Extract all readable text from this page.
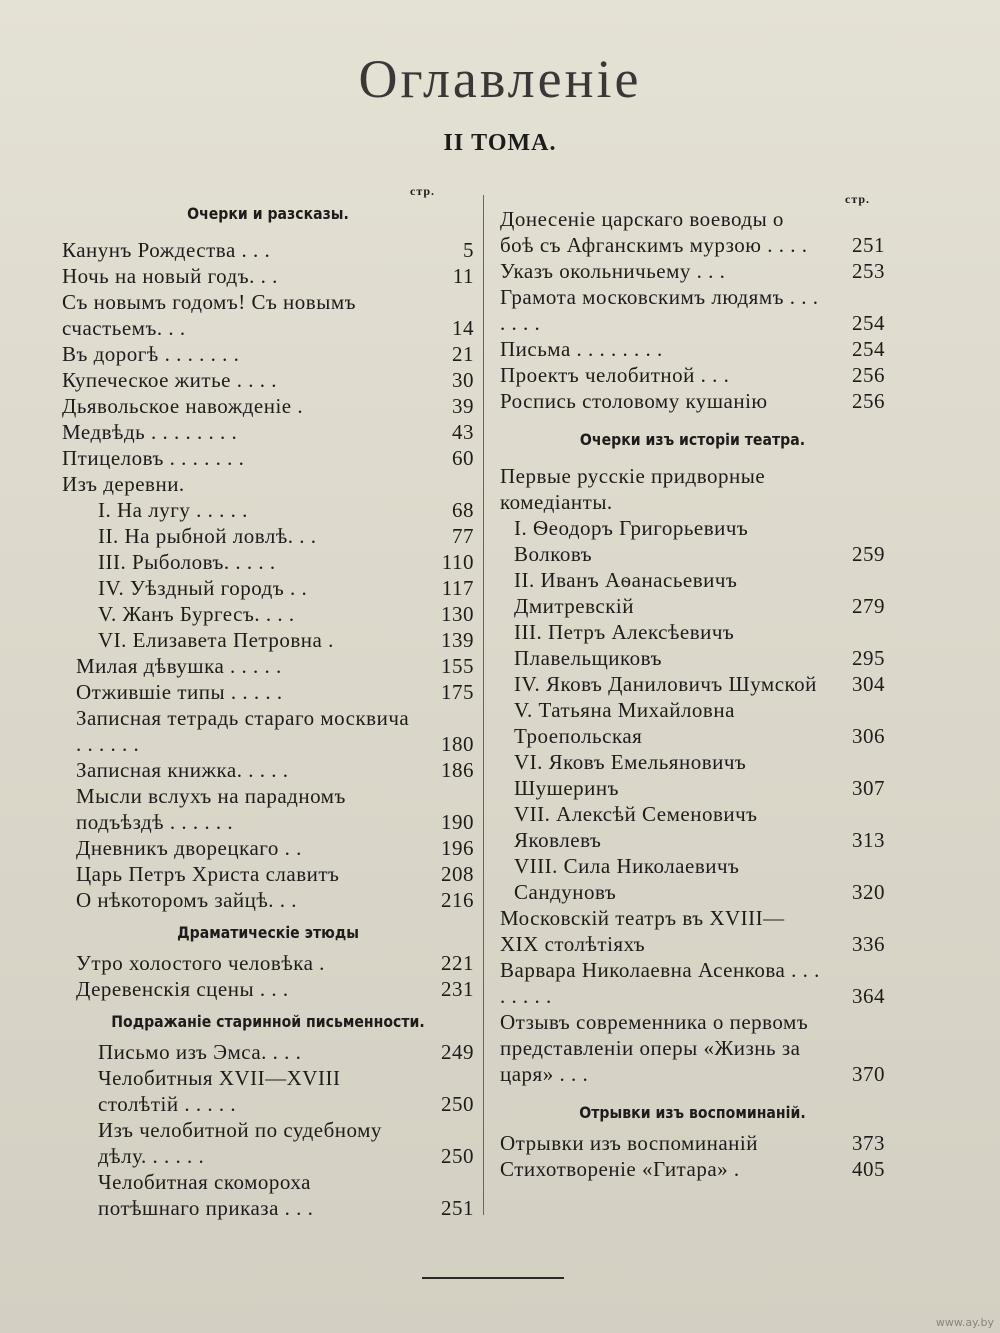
Оглавленіе
II ТОМА.
стр.
стр.
Очерки и разсказы.
Канунъ Рождества . . .	5
Ночь на новый годъ. . .	11
Съ новымъ годомъ! Съ новымъ счастьемъ. . .	14
Въ дорогѣ . . . . . . .	21
Купеческое житье . . . .	30
Дьявольское навожденіе .	39
Медвѣдь . . . . . . . .	43
Птицеловъ . . . . . . .	60
Изъ деревни.
I. На лугу . . . . .	68
II. На рыбной ловлѣ. . .	77
III. Рыболовъ. . . . .	110
IV. Уѣздный городъ . .	117
V. Жанъ Бургесъ. . . .	130
VI. Елизавета Петровна .	139
Милая дѣвушка . . . . .	155
Отжившіе типы . . . . .	175
Записная тетрадь стараго москвича . . . . . .	180
Записная книжка. . . . .	186
Мысли вслухъ на парадномъ подъѣздѣ . . . . . .	190
Дневникъ дворецкаго . .	196
Царь Петръ Христа славитъ	208
О нѣкоторомъ зайцѣ. . .	216
Драматическіе этюды
Утро холостого человѣка .	221
Деревенскія сцены . . .	231
Подражаніе старинной письменности.
Письмо изъ Эмса. . . .	249
Челобитныя XVII—XVIII столѣтій . . . . .	250
Изъ челобитной по судебному дѣлу. . . . . .	250
Челобитная скомороха потѣшнаго приказа . . .	251
Донесеніе царскаго воеводы о боѣ съ Афганскимъ мурзою . . . .	251
Указъ окольничьему . . .	253
Грамота московскимъ людямъ . . . . . . .	254
Письма . . . . . . . .	254
Проектъ челобитной . . .	256
Роспись столовому кушанію	256
Очерки изъ исторіи театра.
Первые русскіе придворные комедіанты.
I. Ѳеодоръ Григорьевичъ Волковъ	259
II. Иванъ Аѳанасьевичъ Дмитревскій	279
III. Петръ Алексѣевичъ Плавельщиковъ	295
IV. Яковъ Даниловичъ Шумской	304
V. Татьяна Михайловна Троепольская	306
VI. Яковъ Емельяновичъ Шушеринъ	307
VII. Алексѣй Семеновичъ Яковлевъ	313
VIII. Сила Николаевичъ Сандуновъ	320
Московскій театръ въ XVIII—XIX столѣтіяхъ	336
Варвара Николаевна Асенкова . . . . . . . .	364
Отзывъ современника о первомъ представленіи оперы «Жизнь за царя» . . .	370
Отрывки изъ воспоминаній.
Отрывки изъ воспоминаній	373
Стихотвореніе «Гитара» .	405
www.ay.by
